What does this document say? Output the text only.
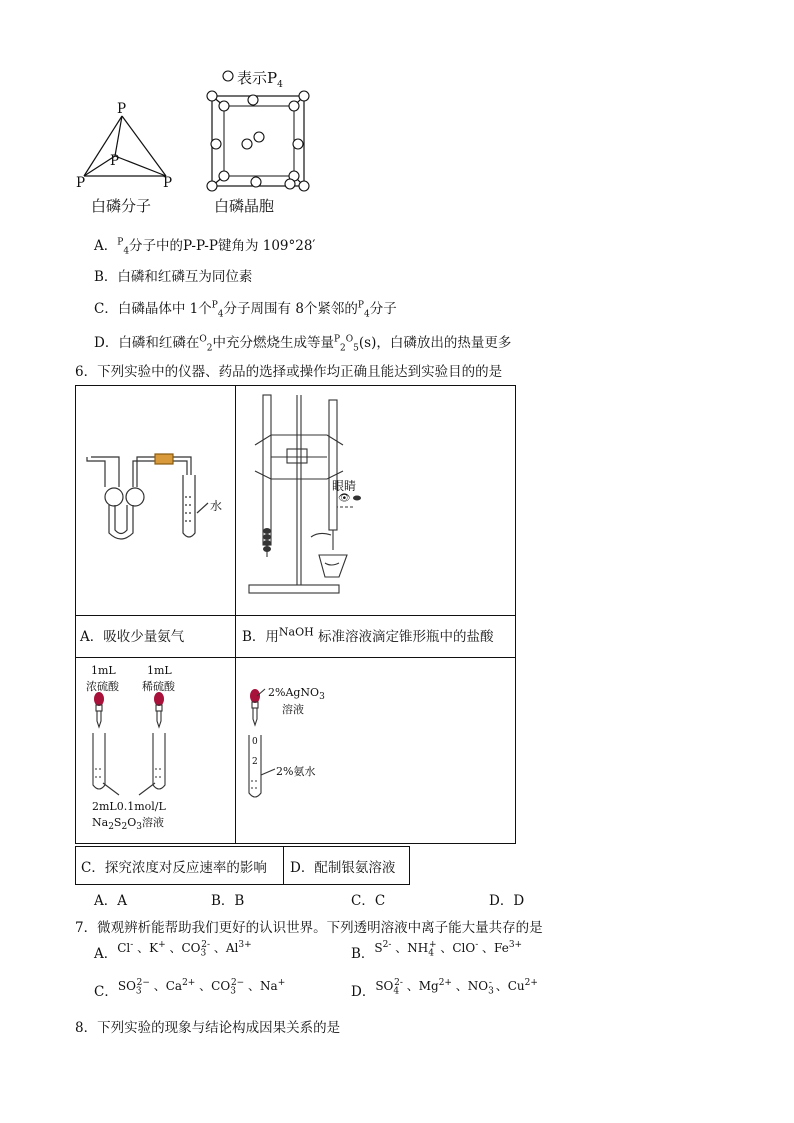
P
P
P
P
表示$P_4$
白磷分子	白磷晶胞
A．$^P_4$分子中的P-P-P键角为 109°28′
B．白磷和红磷互为同位素
C．白磷晶体中 1个$^P_4$分子周围有 8个紧邻的$^P_4$分子
D．白磷和红磷在$^O_2$中充分燃烧生成等量$^P_2^O_5$(s)，白磷放出的热量更多
6．下列实验中的仪器、药品的选择或操作均正确且能达到实验目的的是
水
A．吸收少量氨气
眼睛
👁
B．用$^{NaOH}$ 标准溶液滴定锥形瓶中的盐酸
1mL
浓硫酸
1mL
稀硫酸
2mL0.1mol/L
$Na_2S_2O_3$溶液
2%AgNO$_3$
溶液
0
2
2%氨水
C．探究浓度对反应速率的影响 D．配制银氨溶液
A．A	B．B	C．C	D．D
7．微观辨析能帮助我们更好的认识世界。下列透明溶液中离子能大量共存的是
A．Cl- 、K+ 、$CO_3^{2-}$ 、$Al^{3+}$
B．$S^{2-}$ 、$NH_4^+$ 、ClO- 、$Fe^{3+}$
C．$SO_3^{2-}$ 、$Ca^{2+}$ 、$CO_3^{2-}$ 、Na+
D．$SO_4^{2-}$ 、$Mg^{2+}$ 、$NO_3^-$ 、$Cu^{2+}$
8．下列实验的现象与结论构成因果关系的是
